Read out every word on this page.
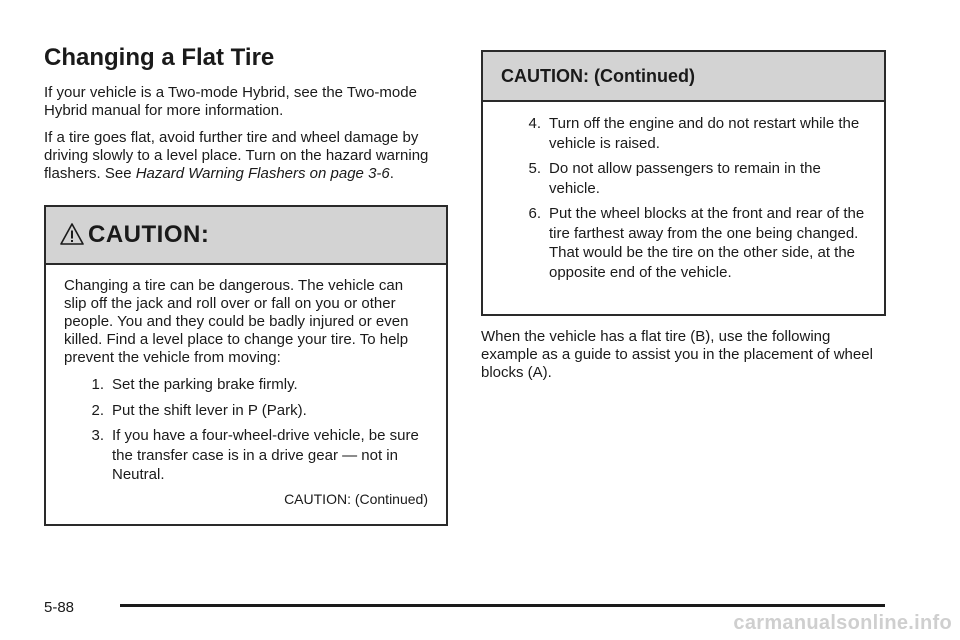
Changing a Flat Tire

If your vehicle is a Two-mode Hybrid, see the Two-mode Hybrid manual for more information.

If a tire goes flat, avoid further tire and wheel damage by driving slowly to a level place. Turn on the hazard warning flashers. See Hazard Warning Flashers on page 3-6.

CAUTION:

Changing a tire can be dangerous. The vehicle can slip off the jack and roll over or fall on you or other people. You and they could be badly injured or even killed. Find a level place to change your tire. To help prevent the vehicle from moving:

1. Set the parking brake firmly.
2. Put the shift lever in P (Park).
3. If you have a four-wheel-drive vehicle, be sure the transfer case is in a drive gear — not in Neutral.
CAUTION: (Continued)
CAUTION: (Continued)
4. Turn off the engine and do not restart while the vehicle is raised.
5. Do not allow passengers to remain in the vehicle.
6. Put the wheel blocks at the front and rear of the tire farthest away from the one being changed. That would be the tire on the other side, at the opposite end of the vehicle.

When the vehicle has a flat tire (B), use the following example as a guide to assist you in the placement of wheel blocks (A).

5-88
carmanualsonline.info
